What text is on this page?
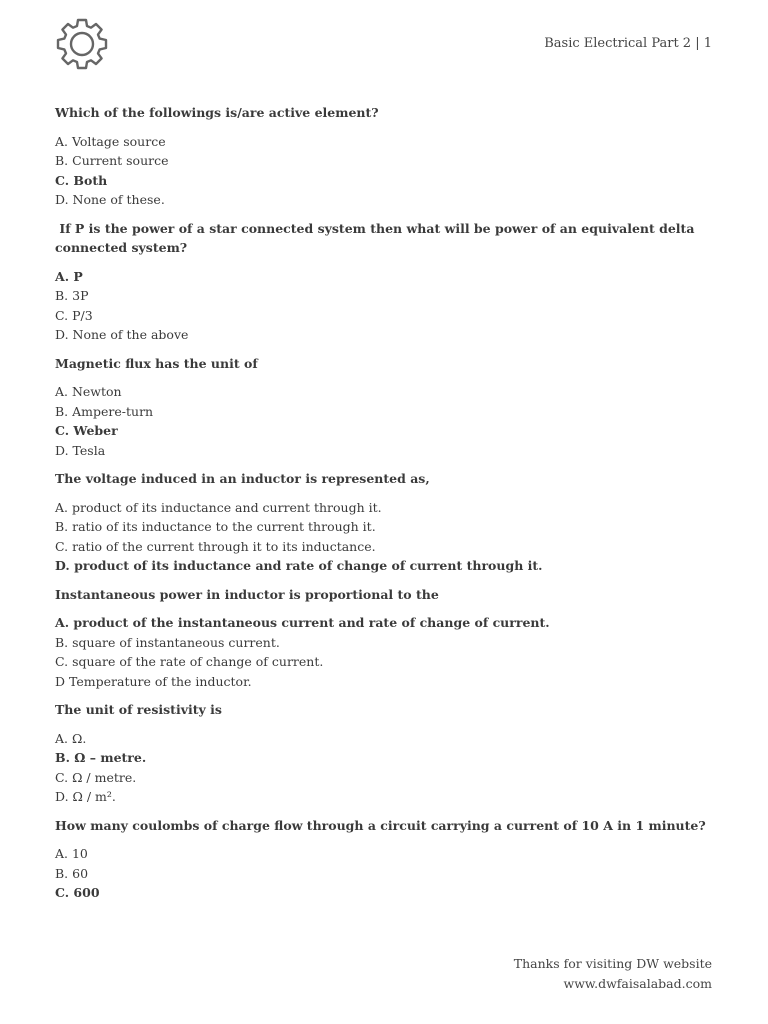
Basic Electrical Part 2 | 1

Which of the followings is/are active element?

A. Voltage source

B. Current source

C. Both

D. None of these.

If P is the power of a star connected system then what will be power of an equivalent delta connected system?

A. P

B. 3P

C. P/3

D. None of the above

Magnetic flux has the unit of

A. Newton

B. Ampere-turn

C. Weber

D. Tesla

The voltage induced in an inductor is represented as,

A. product of its inductance and current through it.

B. ratio of its inductance to the current through it.

C. ratio of the current through it to its inductance.

D. product of its inductance and rate of change of current through it.

Instantaneous power in inductor is proportional to the

A. product of the instantaneous current and rate of change of current.

B. square of instantaneous current.

C. square of the rate of change of current.

D Temperature of the inductor.

The unit of resistivity is

A. Ω.

B. Ω – metre.

C. Ω / metre.

D. Ω / m².

How many coulombs of charge flow through a circuit carrying a current of 10 A in 1 minute?

A. 10

B. 60

C. 600

Thanks for visiting DW website
www.dwfaisalabad.com
